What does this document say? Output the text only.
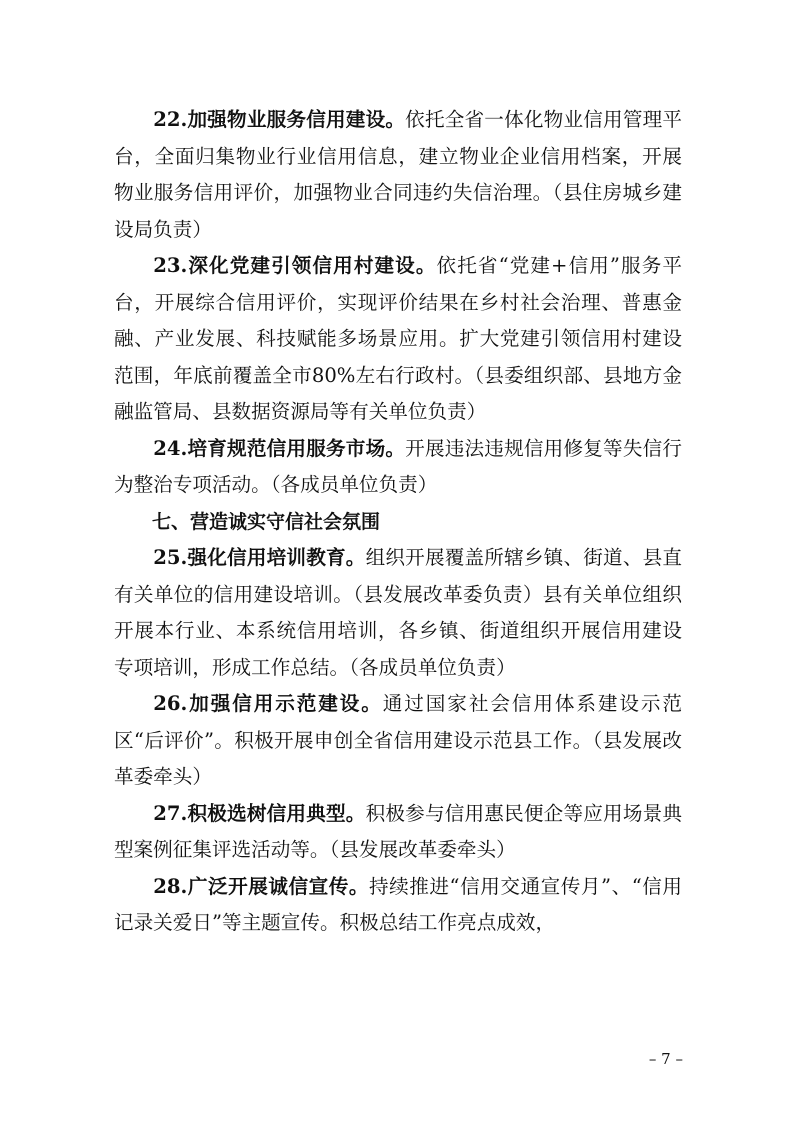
22.加强物业服务信用建设。依托全省一体化物业信用管理平台，全面归集物业行业信用信息，建立物业企业信用档案，开展物业服务信用评价，加强物业合同违约失信治理。（县住房城乡建设局负责）

23.深化党建引领信用村建设。依托省“党建+信用”服务平台，开展综合信用评价，实现评价结果在乡村社会治理、普惠金融、产业发展、科技赋能多场景应用。扩大党建引领信用村建设范围，年底前覆盖全市80%左右行政村。（县委组织部、县地方金融监管局、县数据资源局等有关单位负责）

24.培育规范信用服务市场。开展违法违规信用修复等失信行为整治专项活动。（各成员单位负责）

七、营造诚实守信社会氛围

25.强化信用培训教育。组织开展覆盖所辖乡镇、街道、县直有关单位的信用建设培训。（县发展改革委负责）县有关单位组织开展本行业、本系统信用培训，各乡镇、街道组织开展信用建设专项培训，形成工作总结。（各成员单位负责）

26.加强信用示范建设。通过国家社会信用体系建设示范区“后评价”。积极开展申创全省信用建设示范县工作。（县发展改革委牵头）

27.积极选树信用典型。积极参与信用惠民便企等应用场景典型案例征集评选活动等。（县发展改革委牵头）

28.广泛开展诚信宣传。持续推进“信用交通宣传月”、“信用记录关爱日”等主题宣传。积极总结工作亮点成效，

– 7 –
